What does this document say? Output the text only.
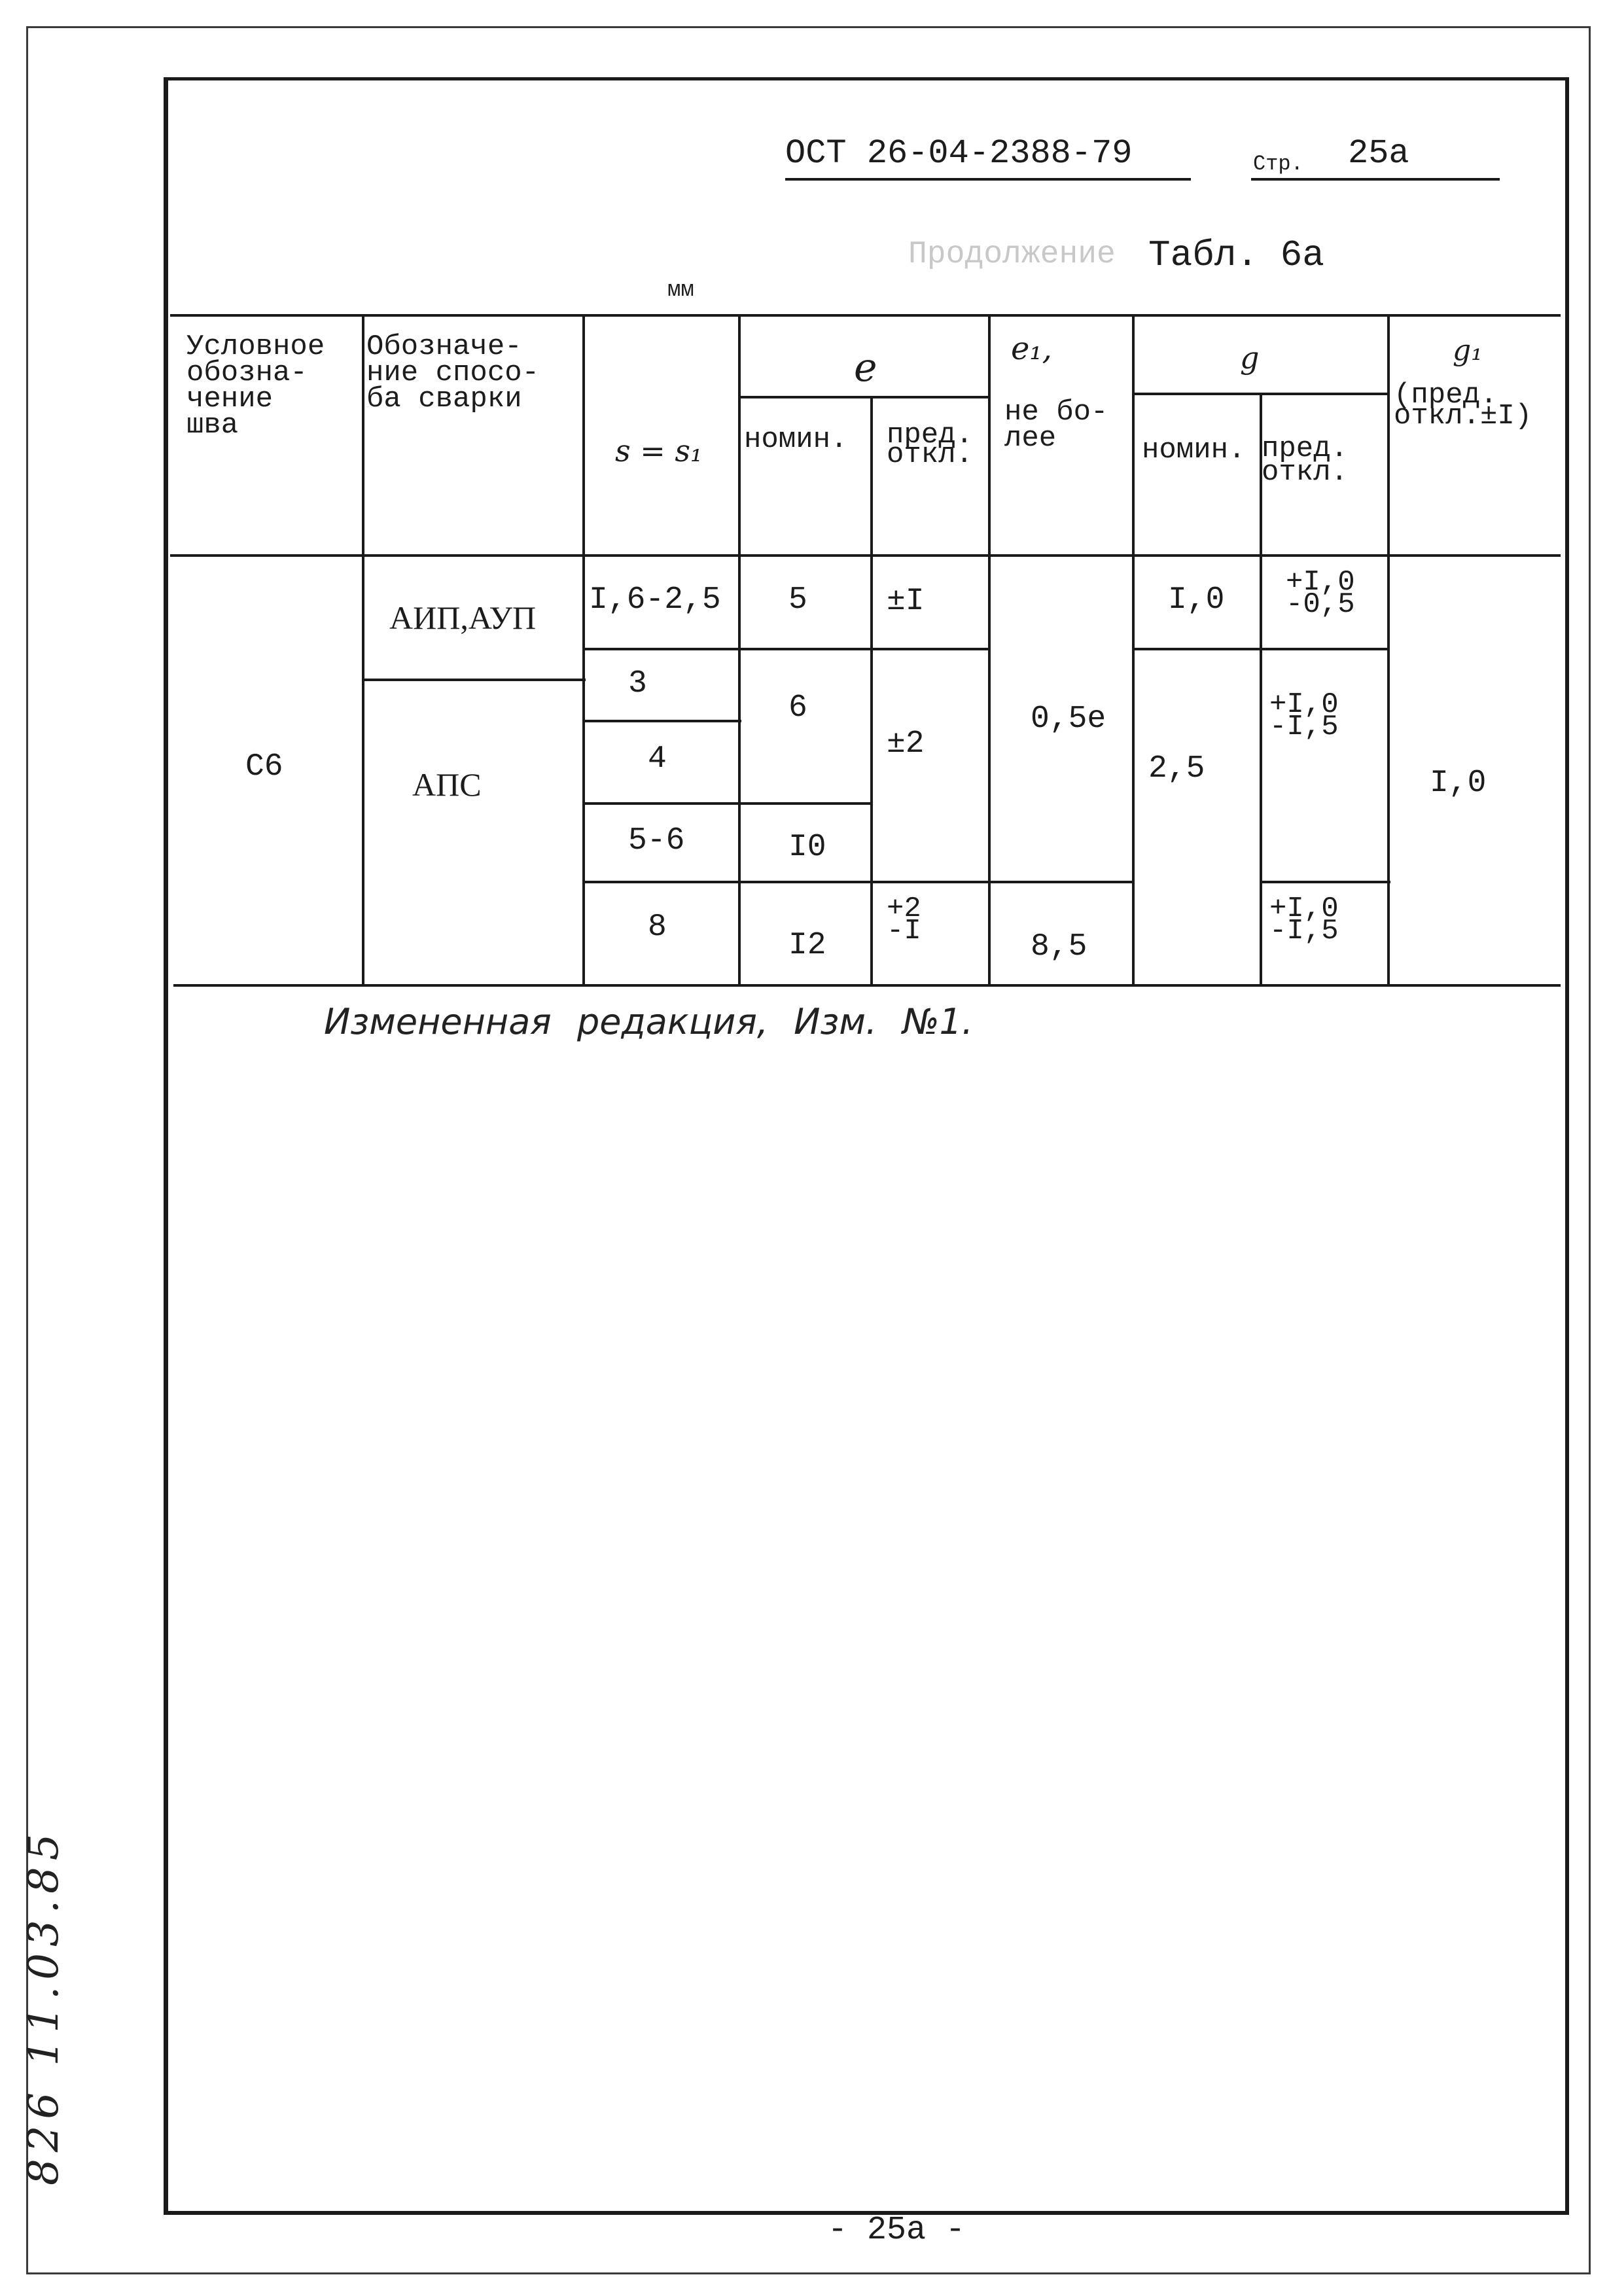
ОСТ 26-04-2388-79	Стр. 25а
Продолжение Табл. 6а
мм
Условное
обозна-
чение
шва
Обозначе-
ние спосо-
ба сварки
s = s₁
e
номин. пред.
откл.
e₁,
не бо-
лее
g
номин. пред.
откл.
g₁
(пред.
откл.±I)
С6
АИП,АУП
АПС
I,6-2,5
3
4
5-6
8
5
6
I0
I2
±I
±2
+2
-I
0,5e
8,5
I,0
2,5
+I,0
-0,5
+I,0
-I,5
+I,0
-I,5
I,0
Измененная редакция, Изм. №1.
- 25а -
826 11.03.85
